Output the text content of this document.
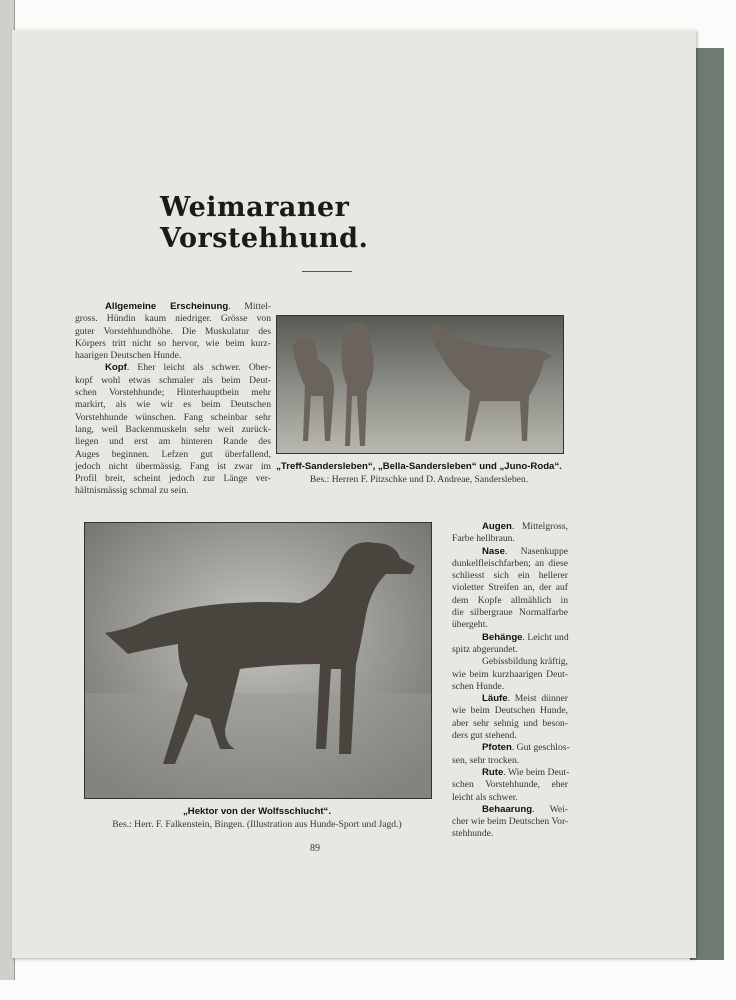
Weimaraner Vorstehhund.
Allgemeine Erscheinung. Mittel-
gross. Hündin kaum niedriger. Grösse von
guter Vorstehhundhöhe. Die Muskulatur des
Körpers tritt nicht so hervor, wie beim kurz-
haarigen Deutschen Hunde.
Kopf. Eher leicht als schwer. Ober-
kopf wohl etwas schmaler als beim Deut-
schen Vorstehhunde; Hinterhauptbein mehr
markirt, als wie wir es beim Deutschen
Vorstehhunde wünschen. Fang scheinbar sehr
lang, weil Backenmuskeln sehr weit zurück-
liegen und erst am hinteren Rande des
Auges beginnen. Lefzen gut überfallend,
jedoch nicht übermässig. Fang ist zwar im
Profil breit, scheint jedoch zur Länge ver-
hältnismässig schmal zu sein.
Augen. Mittelgross,
Farbe hellbraun.
Nase. Nasenkuppe
dunkelfleischfarben; an diese
schliesst sich ein hellerer
violetter Streifen an, der auf
dem Kopfe allmählich in
die silbergraue Normalfarbe
übergeht.
Behänge. Leicht und
spitz abgerundet.
Gebissbildung kräftig,
wie beim kurzhaarigen Deut-
schen Hunde.
Läufe. Meist dünner
wie beim Deutschen Hunde,
aber sehr sehnig und beson-
ders gut stehend.
Pfoten. Gut geschlos-
sen, sehr trocken.
Rute. Wie beim Deut-
schen Vorstehhunde, eher
leicht als schwer.
Behaarung. Wei-
cher wie beim Deutschen Vor-
stehhunde.
„Treff-Sandersleben“, „Bella-Sandersleben“ und „Juno-Roda“.
Bes.: Herren F. Pitzschke und D. Andreae, Sandersleben.
„Hektor von der Wolfsschlucht“.
Bes.: Herr. F. Falkenstein, Bingen. (Illustration aus Hunde-Sport und Jagd.)
89
